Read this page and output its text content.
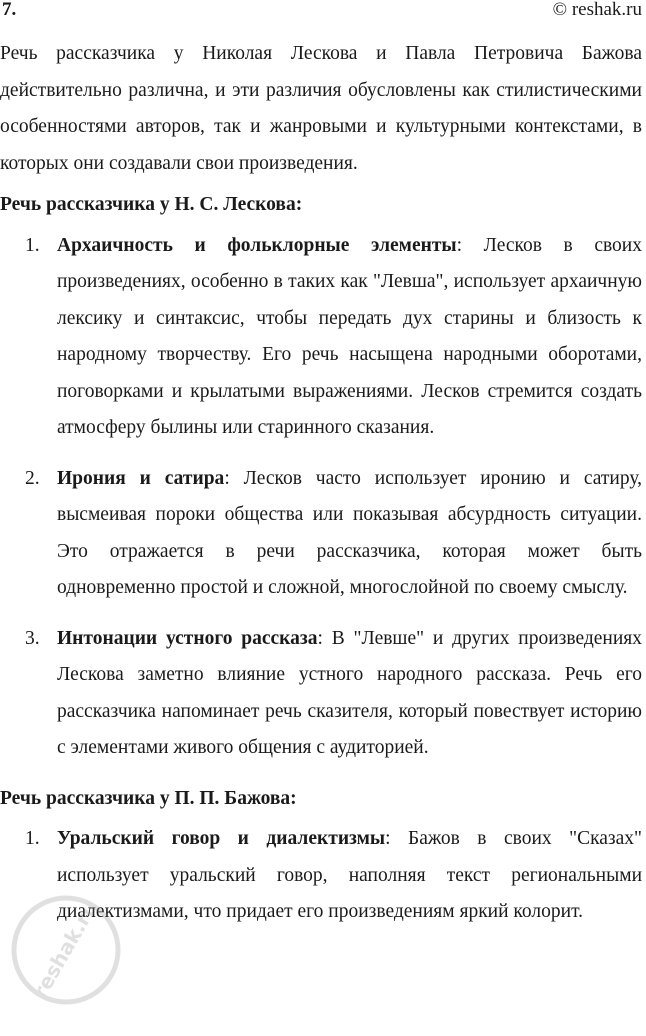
7.	© reshak.ru

Речь рассказчика у Николая Лескова и Павла Петровича Бажова действительно различна, и эти различия обусловлены как стилистическими особенностями авторов, так и жанровыми и культурными контекстами, в которых они создавали свои произведения.

Речь рассказчика у Н. С. Лескова:

1. Архаичность и фольклорные элементы: Лесков в своих произведениях, особенно в таких как "Левша", использует архаичную лексику и синтаксис, чтобы передать дух старины и близость к народному творчеству. Его речь насыщена народными оборотами, поговорками и крылатыми выражениями. Лесков стремится создать атмосферу былины или старинного сказания.
2. Ирония и сатира: Лесков часто использует иронию и сатиру, высмеивая пороки общества или показывая абсурдность ситуации. Это отражается в речи рассказчика, которая может быть одновременно простой и сложной, многослойной по своему смыслу.
3. Интонации устного рассказа: В "Левше" и других произведениях Лескова заметно влияние устного народного рассказа. Речь его рассказчика напоминает речь сказителя, который повествует историю с элементами живого общения с аудиторией.

Речь рассказчика у П. П. Бажова:

1. Уральский говор и диалектизмы: Бажов в своих "Сказах" использует уральский говор, наполняя текст региональными диалектизмами, что придает его произведениям яркий колорит.
reshak.ru
